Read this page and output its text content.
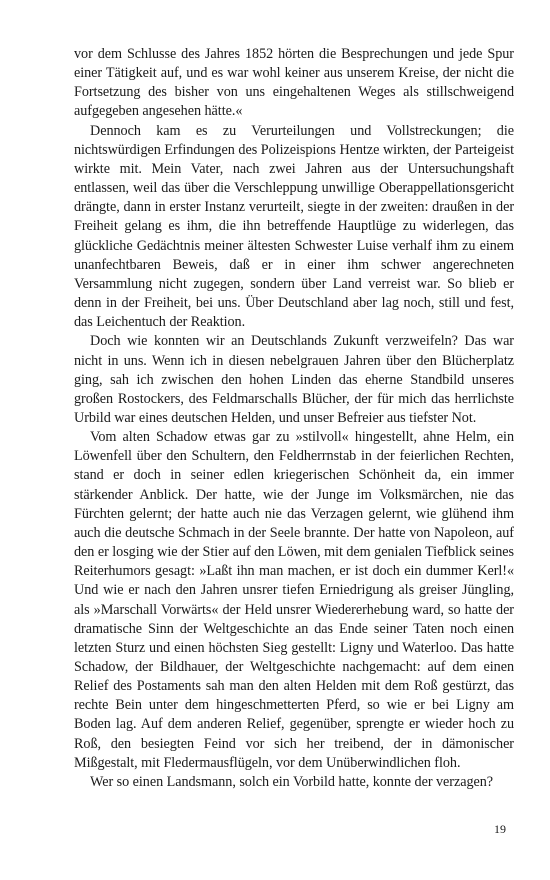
vor dem Schlusse des Jahres 1852 hörten die Besprechungen und jede Spur einer Tätigkeit auf, und es war wohl keiner aus unserem Kreise, der nicht die Fortsetzung des bisher von uns eingehaltenen Weges als stillschweigend aufgegeben angesehen hätte.«

Dennoch kam es zu Verurteilungen und Vollstreckungen; die nichtswürdigen Erfindungen des Polizeispions Hentze wirkten, der Parteigeist wirkte mit. Mein Vater, nach zwei Jahren aus der Untersuchungshaft entlassen, weil das über die Verschleppung unwillige Oberappellationsgericht drängte, dann in erster Instanz verurteilt, siegte in der zweiten: draußen in der Freiheit gelang es ihm, die ihn betreffende Hauptlüge zu widerlegen, das glückliche Gedächtnis meiner ältesten Schwester Luise verhalf ihm zu einem unanfechtbaren Beweis, daß er in einer ihm schwer angerechneten Versammlung nicht zugegen, sondern über Land verreist war. So blieb er denn in der Freiheit, bei uns. Über Deutschland aber lag noch, still und fest, das Leichentuch der Reaktion.

Doch wie konnten wir an Deutschlands Zukunft verzweifeln? Das war nicht in uns. Wenn ich in diesen nebelgrauen Jahren über den Blücherplatz ging, sah ich zwischen den hohen Linden das eherne Standbild unseres großen Rostockers, des Feldmarschalls Blücher, der für mich das herrlichste Urbild war eines deutschen Helden, und unser Befreier aus tiefster Not.

Vom alten Schadow etwas gar zu »stilvoll« hingestellt, ahne Helm, ein Löwenfell über den Schultern, den Feldherrnstab in der feierlichen Rechten, stand er doch in seiner edlen kriegerischen Schönheit da, ein immer stärkender Anblick. Der hatte, wie der Junge im Volksmärchen, nie das Fürchten gelernt; der hatte auch nie das Verzagen gelernt, wie glühend ihm auch die deutsche Schmach in der Seele brannte. Der hatte von Napoleon, auf den er losging wie der Stier auf den Löwen, mit dem genialen Tiefblick seines Reiterhumors gesagt: »Laßt ihn man machen, er ist doch ein dummer Kerl!« Und wie er nach den Jahren unsrer tiefen Erniedrigung als greiser Jüngling, als »Marschall Vorwärts« der Held unsrer Wiedererhebung ward, so hatte der dramatische Sinn der Weltgeschichte an das Ende seiner Taten noch einen letzten Sturz und einen höchsten Sieg gestellt: Ligny und Waterloo. Das hatte Schadow, der Bildhauer, der Weltgeschichte nachgemacht: auf dem einen Relief des Postaments sah man den alten Helden mit dem Roß gestürzt, das rechte Bein unter dem hingeschmetterten Pferd, so wie er bei Ligny am Boden lag. Auf dem anderen Relief, gegenüber, sprengte er wieder hoch zu Roß, den besiegten Feind vor sich her treibend, der in dämonischer Mißgestalt, mit Fledermausflügeln, vor dem Unüberwindlichen floh.

Wer so einen Landsmann, solch ein Vorbild hatte, konnte der verzagen?

19
